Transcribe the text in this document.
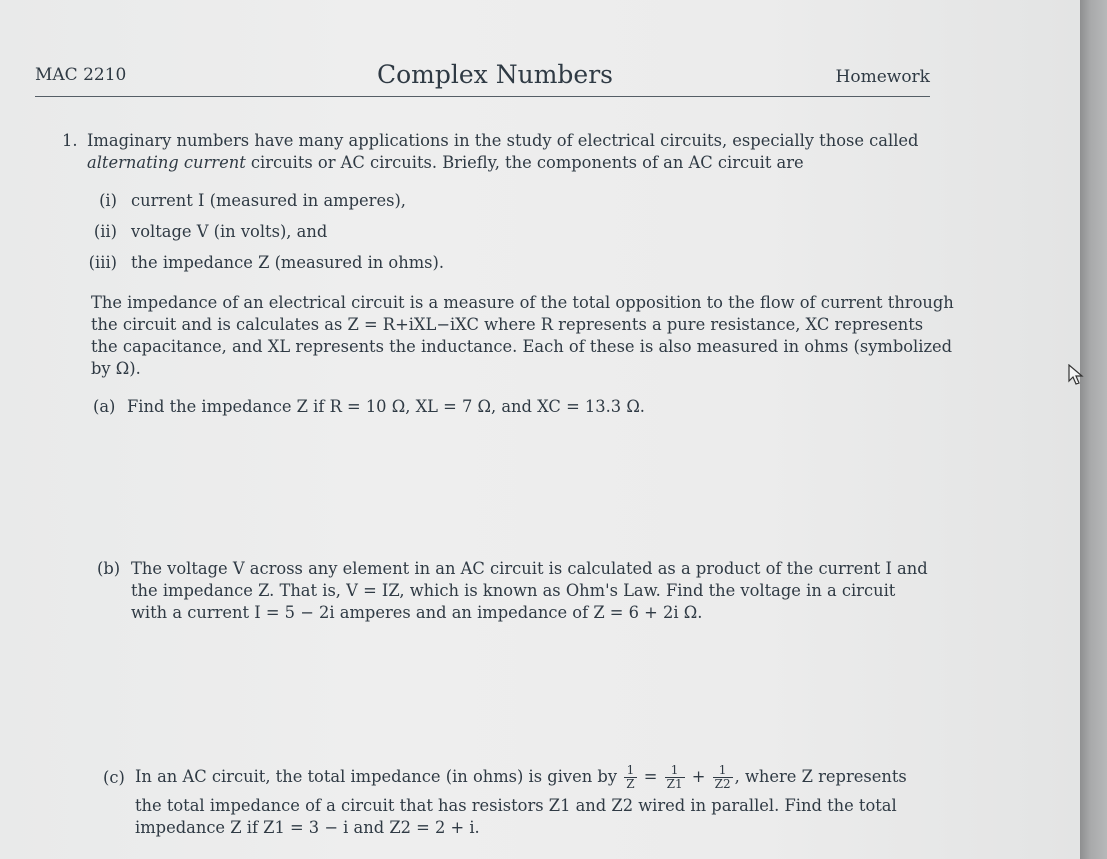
MAC 2210	Complex Numbers	Homework
1. Imaginary numbers have many applications in the study of electrical circuits, especially those called
alternating current circuits or AC circuits. Briefly, the components of an AC circuit are
(i) current I (measured in amperes),
(ii) voltage V (in volts), and
(iii) the impedance Z (measured in ohms).
The impedance of an electrical circuit is a measure of the total opposition to the flow of current through
the circuit and is calculates as Z = R+iXL−iXC where R represents a pure resistance, XC represents
the capacitance, and XL represents the inductance. Each of these is also measured in ohms (symbolized
by Ω).
(a) Find the impedance Z if R = 10 Ω, XL = 7 Ω, and XC = 13.3 Ω.
(b) The voltage V across any element in an AC circuit is calculated as a product of the current I and
the impedance Z. That is, V = IZ, which is known as Ohm's Law. Find the voltage in a circuit
with a current I = 5 − 2i amperes and an impedance of Z = 6 + 2i Ω.
(c) In an AC circuit, the total impedance (in ohms) is given by $\frac{1}{Z} = \frac{1}{Z1} + \frac{1}{Z2}$ , where Z represents
the total impedance of a circuit that has resistors Z1 and Z2 wired in parallel. Find the total
impedance Z if Z1 = 3 − i and Z2 = 2 + i.
